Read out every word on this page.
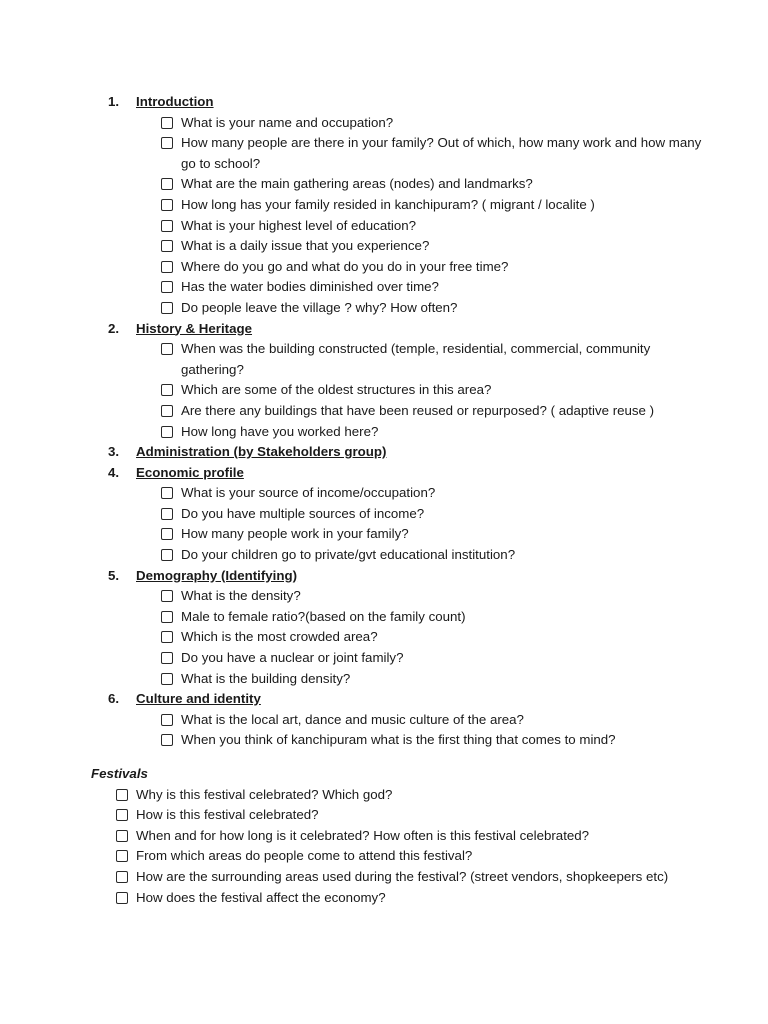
1. Introduction
What is your name and occupation?
How many people are there in your family? Out of which, how many work and how many go to school?
What are the main gathering areas (nodes) and landmarks?
How long has your family resided in kanchipuram? ( migrant / localite )
What is your highest level of education?
What is a daily issue that you experience?
Where do you go and what do you do in your free time?
Has the water bodies diminished over time?
Do people leave the village ? why? How often?
2. History & Heritage
When was the building constructed (temple, residential, commercial, community gathering?
Which are some of the oldest structures in this area?
Are there any buildings that have been reused or repurposed? ( adaptive reuse )
How long have you worked here?
3. Administration (by Stakeholders group)
4. Economic profile
What is your source of income/occupation?
Do you have multiple sources of income?
How many people work in your family?
Do your children go to private/gvt educational institution?
5. Demography (Identifying)
What is the density?
Male to female ratio?(based on the family count)
Which is the most crowded area?
Do you have a nuclear or joint family?
What is the building density?
6. Culture and identity
What is the local art, dance and music culture of the area?
When you think of kanchipuram what is the first thing that comes to mind?
Festivals
Why is this festival celebrated? Which god?
How is this festival celebrated?
When and for how long is it celebrated? How often is this festival celebrated?
From which areas do people come to attend this festival?
How are the surrounding areas used during the festival? (street vendors, shopkeepers etc)
How does the festival affect the economy?
